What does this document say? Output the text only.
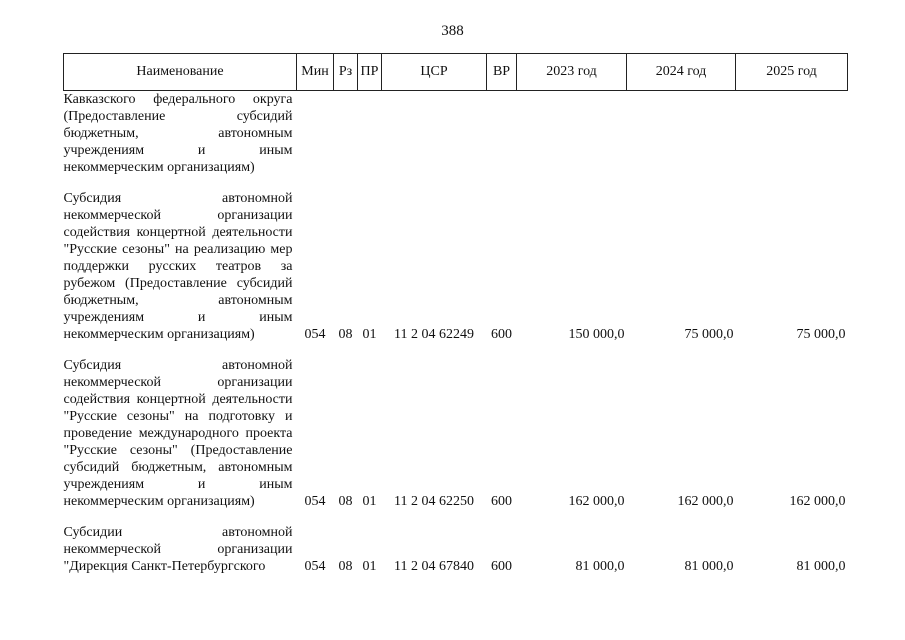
388
Наименование	Мин	Рз	ПР	ЦСР	ВР	2023 год	2024 год	2025 год
Кавказского федерального округа (Предоставление субсидий бюджетным, автономным учреждениям и иным некоммерческим организациям)								
Субсидия автономной некоммерческой организации содействия концертной деятельности "Русские сезоны" на реализацию мер поддержки русских театров за рубежом (Предоставление субсидий бюджетным, автономным учреждениям и иным некоммерческим организациям)	054	08	01	11 2 04 62249	600	150 000,0	75 000,0	75 000,0
Субсидия автономной некоммерческой организации содействия концертной деятельности "Русские сезоны" на подготовку и проведение международного проекта "Русские сезоны" (Предоставление субсидий бюджетным, автономным учреждениям и иным некоммерческим организациям)	054	08	01	11 2 04 62250	600	162 000,0	162 000,0	162 000,0
Субсидии автономной некоммерческой организации "Дирекция Санкт-Петербургского	054	08	01	11 2 04 67840	600	81 000,0	81 000,0	81 000,0
